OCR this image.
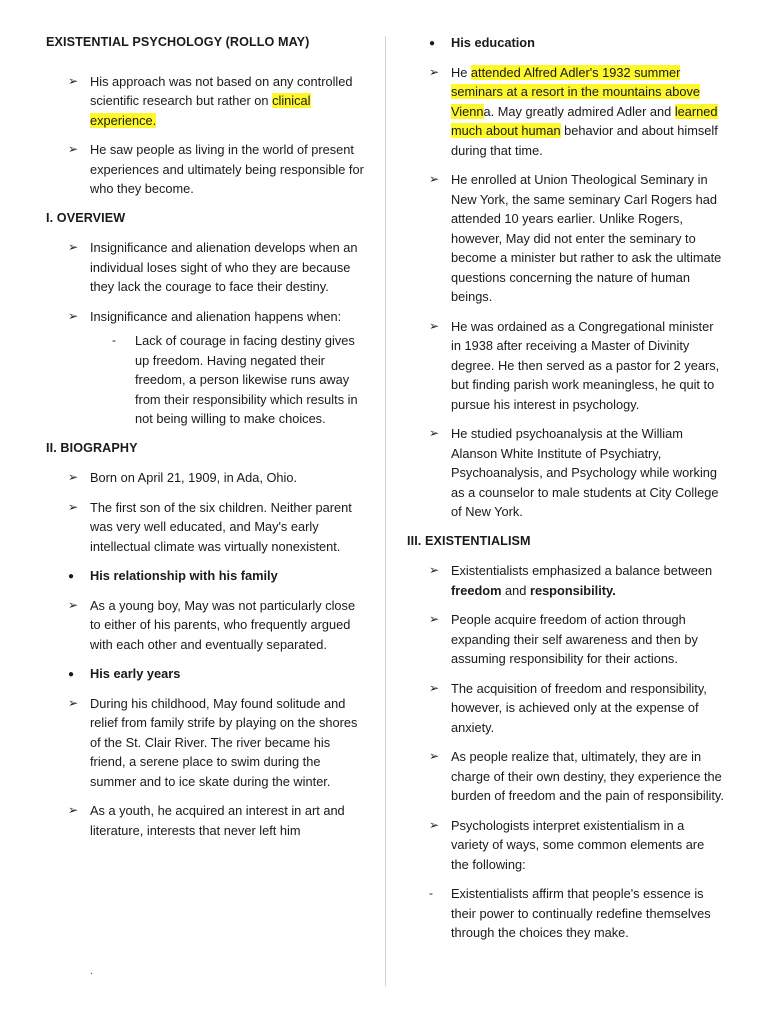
EXISTENTIAL PSYCHOLOGY (ROLLO MAY)

➢ His approach was not based on any controlled scientific research but rather on clinical experience.

➢ He saw people as living in the world of present experiences and ultimately being responsible for who they become.

I. OVERVIEW

➢ Insignificance and alienation develops when an individual loses sight of who they are because they lack the courage to face their destiny.

➢ Insignificance and alienation happens when:

- Lack of courage in facing destiny gives up freedom. Having negated their freedom, a person likewise runs away from their responsibility which results in not being willing to make choices.

II. BIOGRAPHY

➢ Born on April 21, 1909, in Ada, Ohio.

➢ The first son of the six children. Neither parent was very well educated, and May's early intellectual climate was virtually nonexistent.

● His relationship with his family

➢ As a young boy, May was not particularly close to either of his parents, who frequently argued with each other and eventually separated.

● His early years

➢ During his childhood, May found solitude and relief from family strife by playing on the shores of the St. Clair River. The river became his friend, a serene place to swim during the summer and to ice skate during the winter.

➢ As a youth, he acquired an interest in art and literature, interests that never left him

.

● His education

➢ He attended Alfred Adler's 1932 summer seminars at a resort in the mountains above Vienna. May greatly admired Adler and learned much about human behavior and about himself during that time.

➢ He enrolled at Union Theological Seminary in New York, the same seminary Carl Rogers had attended 10 years earlier. Unlike Rogers, however, May did not enter the seminary to become a minister but rather to ask the ultimate questions concerning the nature of human beings.

➢ He was ordained as a Congregational minister in 1938 after receiving a Master of Divinity degree. He then served as a pastor for 2 years, but finding parish work meaningless, he quit to pursue his interest in psychology.

➢ He studied psychoanalysis at the William Alanson White Institute of Psychiatry, Psychoanalysis, and Psychology while working as a counselor to male students at City College of New York.

III. EXISTENTIALISM

➢ Existentialists emphasized a balance between freedom and responsibility.

➢ People acquire freedom of action through expanding their self awareness and then by assuming responsibility for their actions.

➢ The acquisition of freedom and responsibility, however, is achieved only at the expense of anxiety.

➢ As people realize that, ultimately, they are in charge of their own destiny, they experience the burden of freedom and the pain of responsibility.

➢ Psychologists interpret existentialism in a variety of ways, some common elements are the following:

- Existentialists affirm that people's essence is their power to continually redefine themselves through the choices they make.
